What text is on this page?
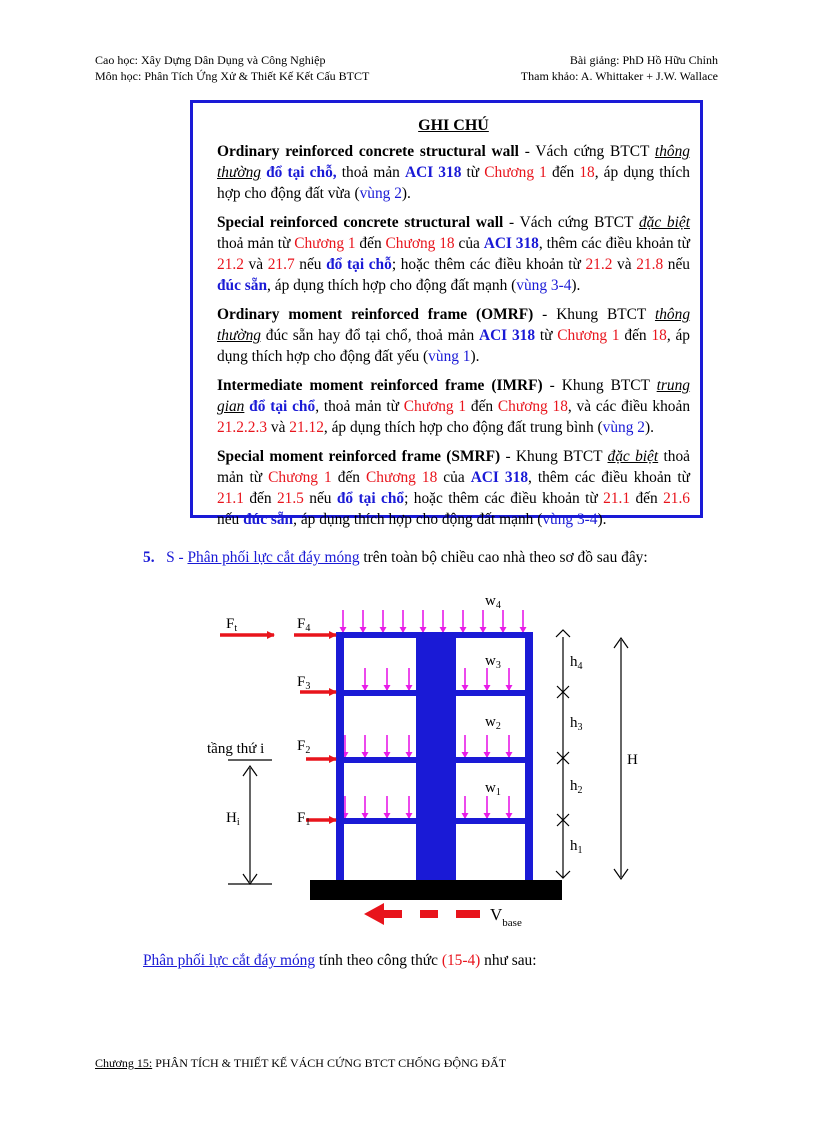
Cao học: Xây Dựng Dân Dụng và Công Nghiệp
Môn học: Phân Tích Ứng Xử & Thiết Kế Kết Cấu BTCT
Bài giảng: PhD Hồ Hữu Chỉnh
Tham khảo: A. Whittaker + J.W. Wallace
GHI CHÚ

Ordinary reinforced concrete structural wall - Vách cứng BTCT thông thường đổ tại chỗ, thoả mản ACI 318 từ Chương 1 đến 18, áp dụng thích hợp cho động đất vừa (vùng 2).

Special reinforced concrete structural wall - Vách cứng BTCT đặc biệt thoả mản từ Chương 1 đến Chương 18 của ACI 318, thêm các điều khoản từ 21.2 và 21.7 nếu đổ tại chỗ; hoặc thêm các điều khoản từ 21.2 và 21.8 nếu đúc sẵn, áp dụng thích hợp cho động đất mạnh (vùng 3-4).

Ordinary moment reinforced frame (OMRF) - Khung BTCT thông thường đúc sẵn hay đổ tại chổ, thoả mản ACI 318 từ Chương 1 đến 18, áp dụng thích hợp cho động đất yếu (vùng 1).

Intermediate moment reinforced frame (IMRF) - Khung BTCT trung gian đổ tại chổ, thoả mản từ Chương 1 đến Chương 18, và các điều khoản 21.2.2.3 và 21.12, áp dụng thích hợp cho động đất trung bình (vùng 2).

Special moment reinforced frame (SMRF) - Khung BTCT đặc biệt thoả mản từ Chương 1 đến Chương 18 của ACI 318, thêm các điều khoản từ 21.1 đến 21.5 nếu đổ tại chổ; hoặc thêm các điều khoản từ 21.1 đến 21.6 nếu đúc sẵn, áp dụng thích hợp cho động đất mạnh (vùng 3-4).

5. S - Phân phối lực cắt đáy móng trên toàn bộ chiều cao nhà theo sơ đồ sau đây:
$F_t$	$F_4$
$F_3$
$F_2$
$F_1$
$w_4$
$w_3$
$w_2$
$w_1$
$h_4$
$h_3$
$h_2$
$h_1$
H
tầng thứ i
$H_i$
$V_{base}$
Phân phối lực cắt đáy móng tính theo công thức (15-4) như sau:
Chương 15: PHÂN TÍCH & THIẾT KẾ VÁCH CỨNG BTCT CHỐNG ĐỘNG ĐẤT
